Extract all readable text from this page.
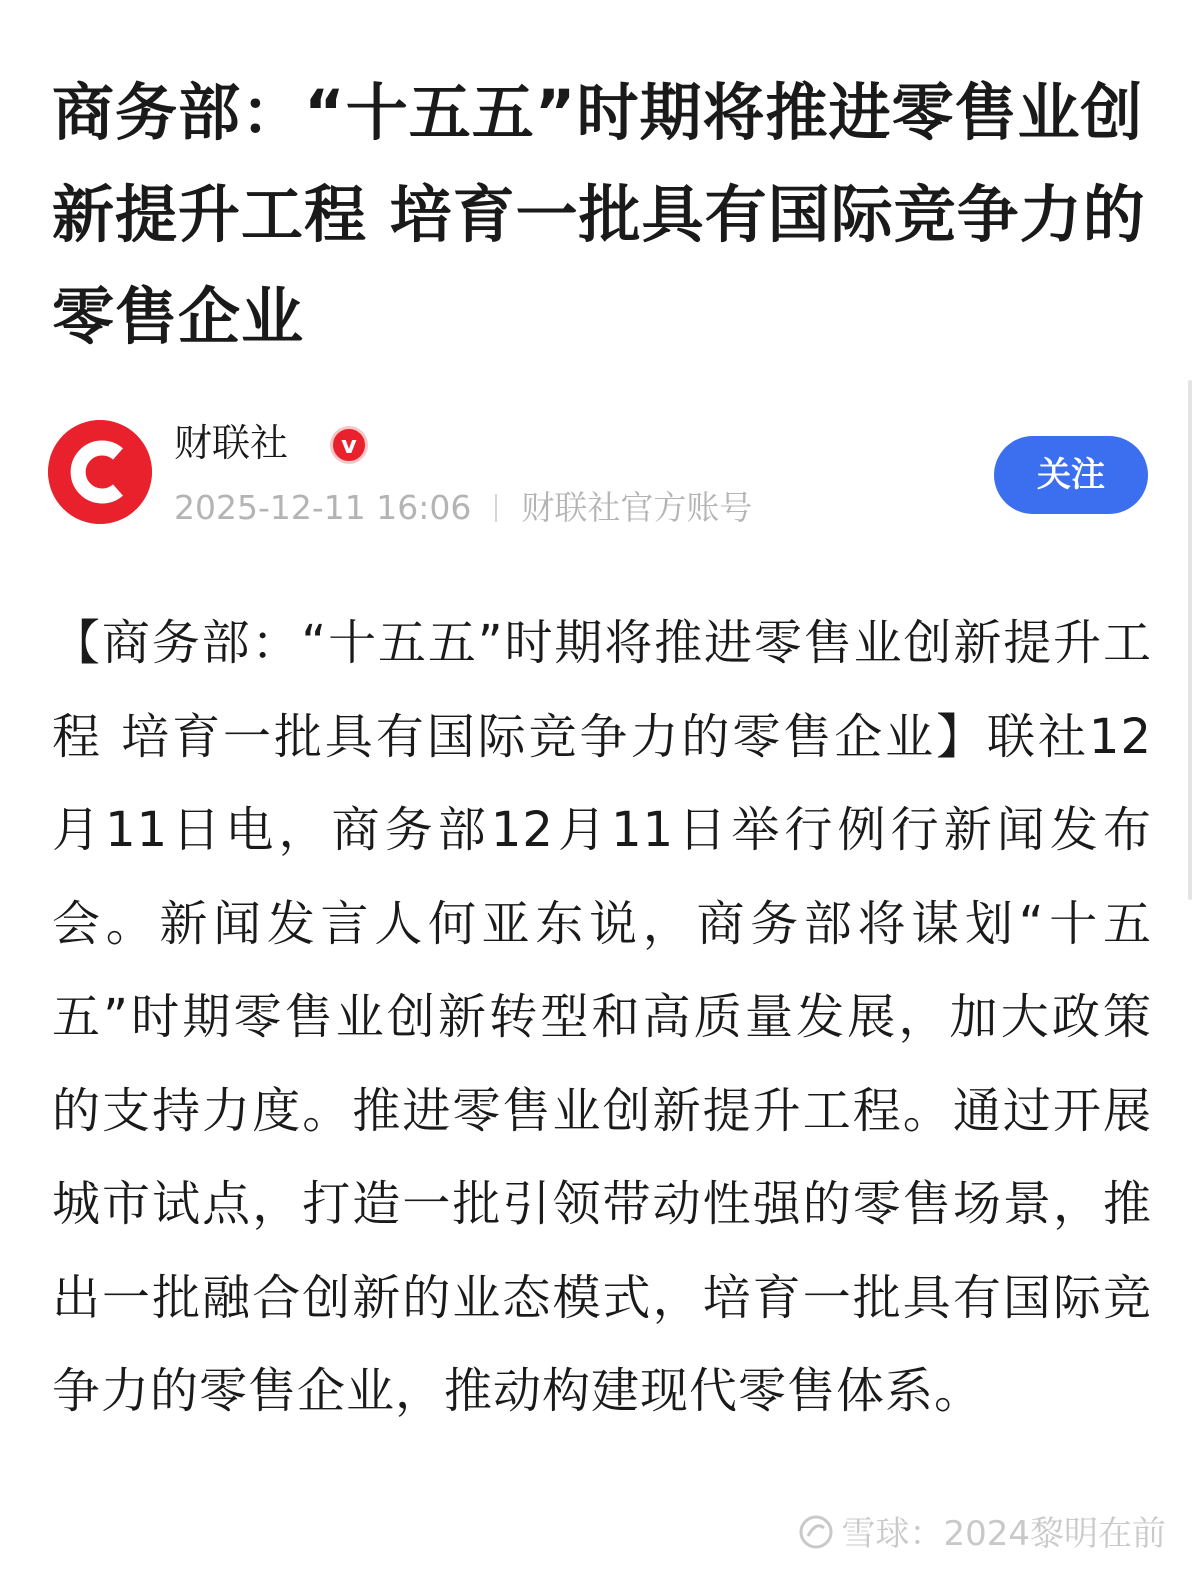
商务部：“十五五”时期将推进零售业创新提升工程 培育一批具有国际竞争力的零售企业
财联社	v
2025-12-11 16:06 财联社官方账号
关注

【商务部：“十五五”时期将推进零售业创新提升工程 培育一批具有国际竞争力的零售企业】联社12月11日电，商务部12月11日举行例行新闻发布会。新闻发言人何亚东说，商务部将谋划“十五五”时期零售业创新转型和高质量发展，加大政策的支持力度。推进零售业创新提升工程。通过开展城市试点，打造一批引领带动性强的零售场景，推出一批融合创新的业态模式，培育一批具有国际竞争力的零售企业，推动构建现代零售体系。

雪球：2024黎明在前
